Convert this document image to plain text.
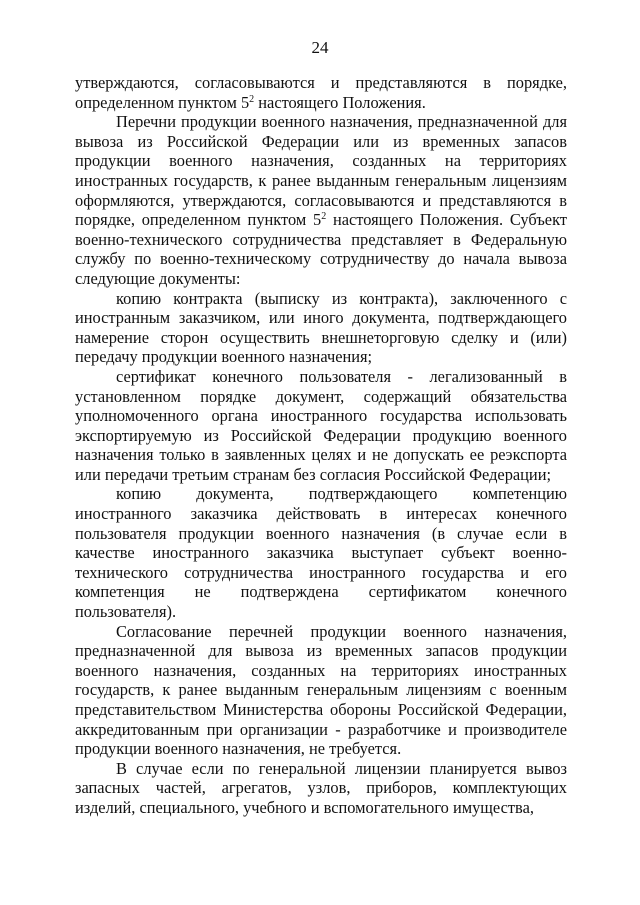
24

утверждаются, согласовываются и представляются в порядке, определенном пунктом $5^2$ настоящего Положения.

Перечни продукции военного назначения, предназначенной для вывоза из Российской Федерации или из временных запасов продукции военного назначения, созданных на территориях иностранных государств, к ранее выданным генеральным лицензиям оформляются, утверждаются, согласовываются и представляются в порядке, определенном пунктом $5^2$ настоящего Положения. Субъект военно-технического сотрудничества представляет в Федеральную службу по военно-техническому сотрудничеству до начала вывоза следующие документы:

копию контракта (выписку из контракта), заключенного с иностранным заказчиком, или иного документа, подтверждающего намерение сторон осуществить внешнеторговую сделку и (или) передачу продукции военного назначения;

сертификат конечного пользователя - легализованный в установленном порядке документ, содержащий обязательства уполномоченного органа иностранного государства использовать экспортируемую из Российской Федерации продукцию военного назначения только в заявленных целях и не допускать ее реэкспорта или передачи третьим странам без согласия Российской Федерации;

копию документа, подтверждающего компетенцию иностранного заказчика действовать в интересах конечного пользователя продукции военного назначения (в случае если в качестве иностранного заказчика выступает субъект военно-технического сотрудничества иностранного государства и его компетенция не подтверждена сертификатом конечного пользователя).

Согласование перечней продукции военного назначения, предназначенной для вывоза из временных запасов продукции военного назначения, созданных на территориях иностранных государств, к ранее выданным генеральным лицензиям с военным представительством Министерства обороны Российской Федерации, аккредитованным при организации - разработчике и производителе продукции военного назначения, не требуется.

В случае если по генеральной лицензии планируется вывоз запасных частей, агрегатов, узлов, приборов, комплектующих изделий, специального, учебного и вспомогательного имущества,
